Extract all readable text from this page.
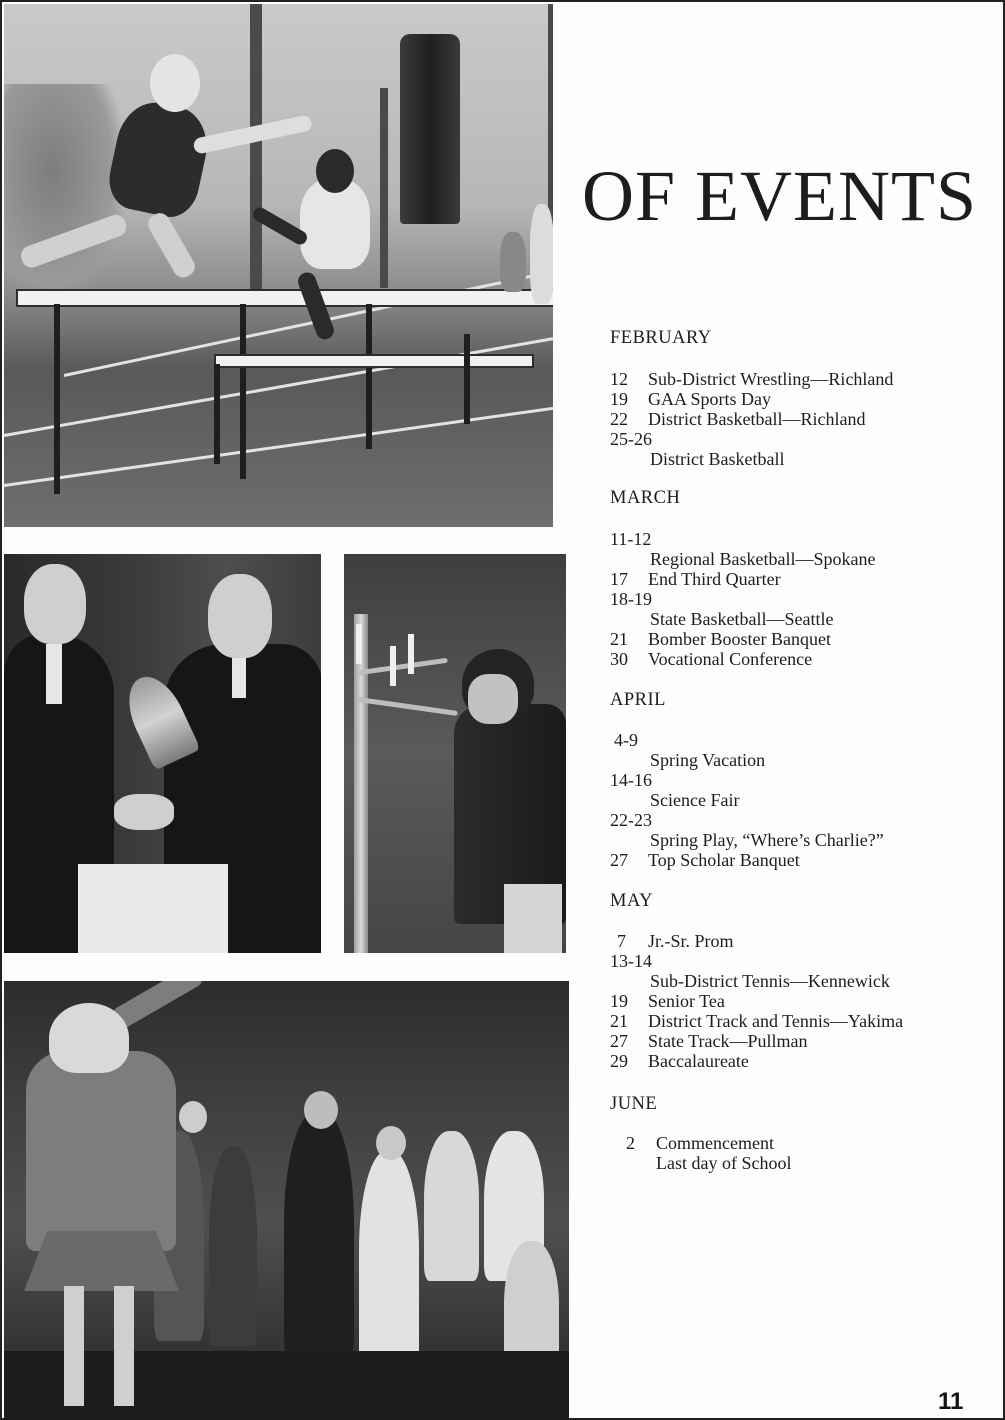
OF EVENTS
FEBRUARY
12 Sub-District Wrestling—Richland
19 GAA Sports Day
22 District Basketball—Richland
25-26
District Basketball
MARCH
11-12
Regional Basketball—Spokane
17 End Third Quarter
18-19
State Basketball—Seattle
21 Bomber Booster Banquet
30 Vocational Conference
APRIL
4-9
Spring Vacation
14-16
Science Fair
22-23
Spring Play, “Where’s Charlie?”
27 Top Scholar Banquet
MAY
7 Jr.-Sr. Prom
13-14
Sub-District Tennis—Kennewick
19 Senior Tea
21 District Track and Tennis—Yakima
27 State Track—Pullman
29 Baccalaureate
JUNE
2 Commencement
Last day of School
11
